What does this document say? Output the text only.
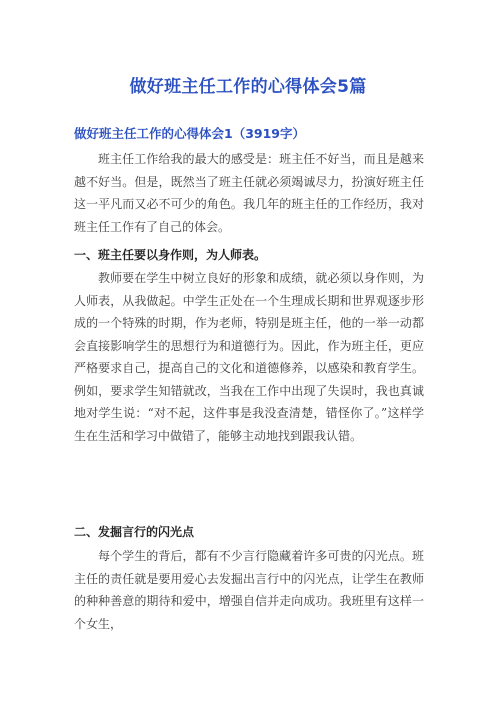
做好班主任工作的心得体会5篇
做好班主任工作的心得体会1（3919字）
班主任工作给我的最大的感受是：班主任不好当，而且是越来越不好当。但是，既然当了班主任就必须竭诚尽力，扮演好班主任这一平凡而又必不可少的角色。我几年的班主任的工作经历，我对班主任工作有了自己的体会。
一、班主任要以身作则，为人师表。
教师要在学生中树立良好的形象和成绩，就必须以身作则，为人师表，从我做起。中学生正处在一个生理成长期和世界观逐步形成的一个特殊的时期，作为老师，特别是班主任，他的一举一动都会直接影响学生的思想行为和道德行为。因此，作为班主任，更应严格要求自己，提高自己的文化和道德修养，以感染和教育学生。例如，要求学生知错就改，当我在工作中出现了失误时，我也真诚地对学生说：“对不起，这件事是我没查清楚，错怪你了。”这样学生在生活和学习中做错了，能够主动地找到跟我认错。
二、发掘言行的闪光点
每个学生的背后，都有不少言行隐藏着许多可贵的闪光点。班主任的责任就是要用爱心去发掘出言行中的闪光点，让学生在教师的种种善意的期待和爱中，增强自信并走向成功。我班里有这样一个女生，
